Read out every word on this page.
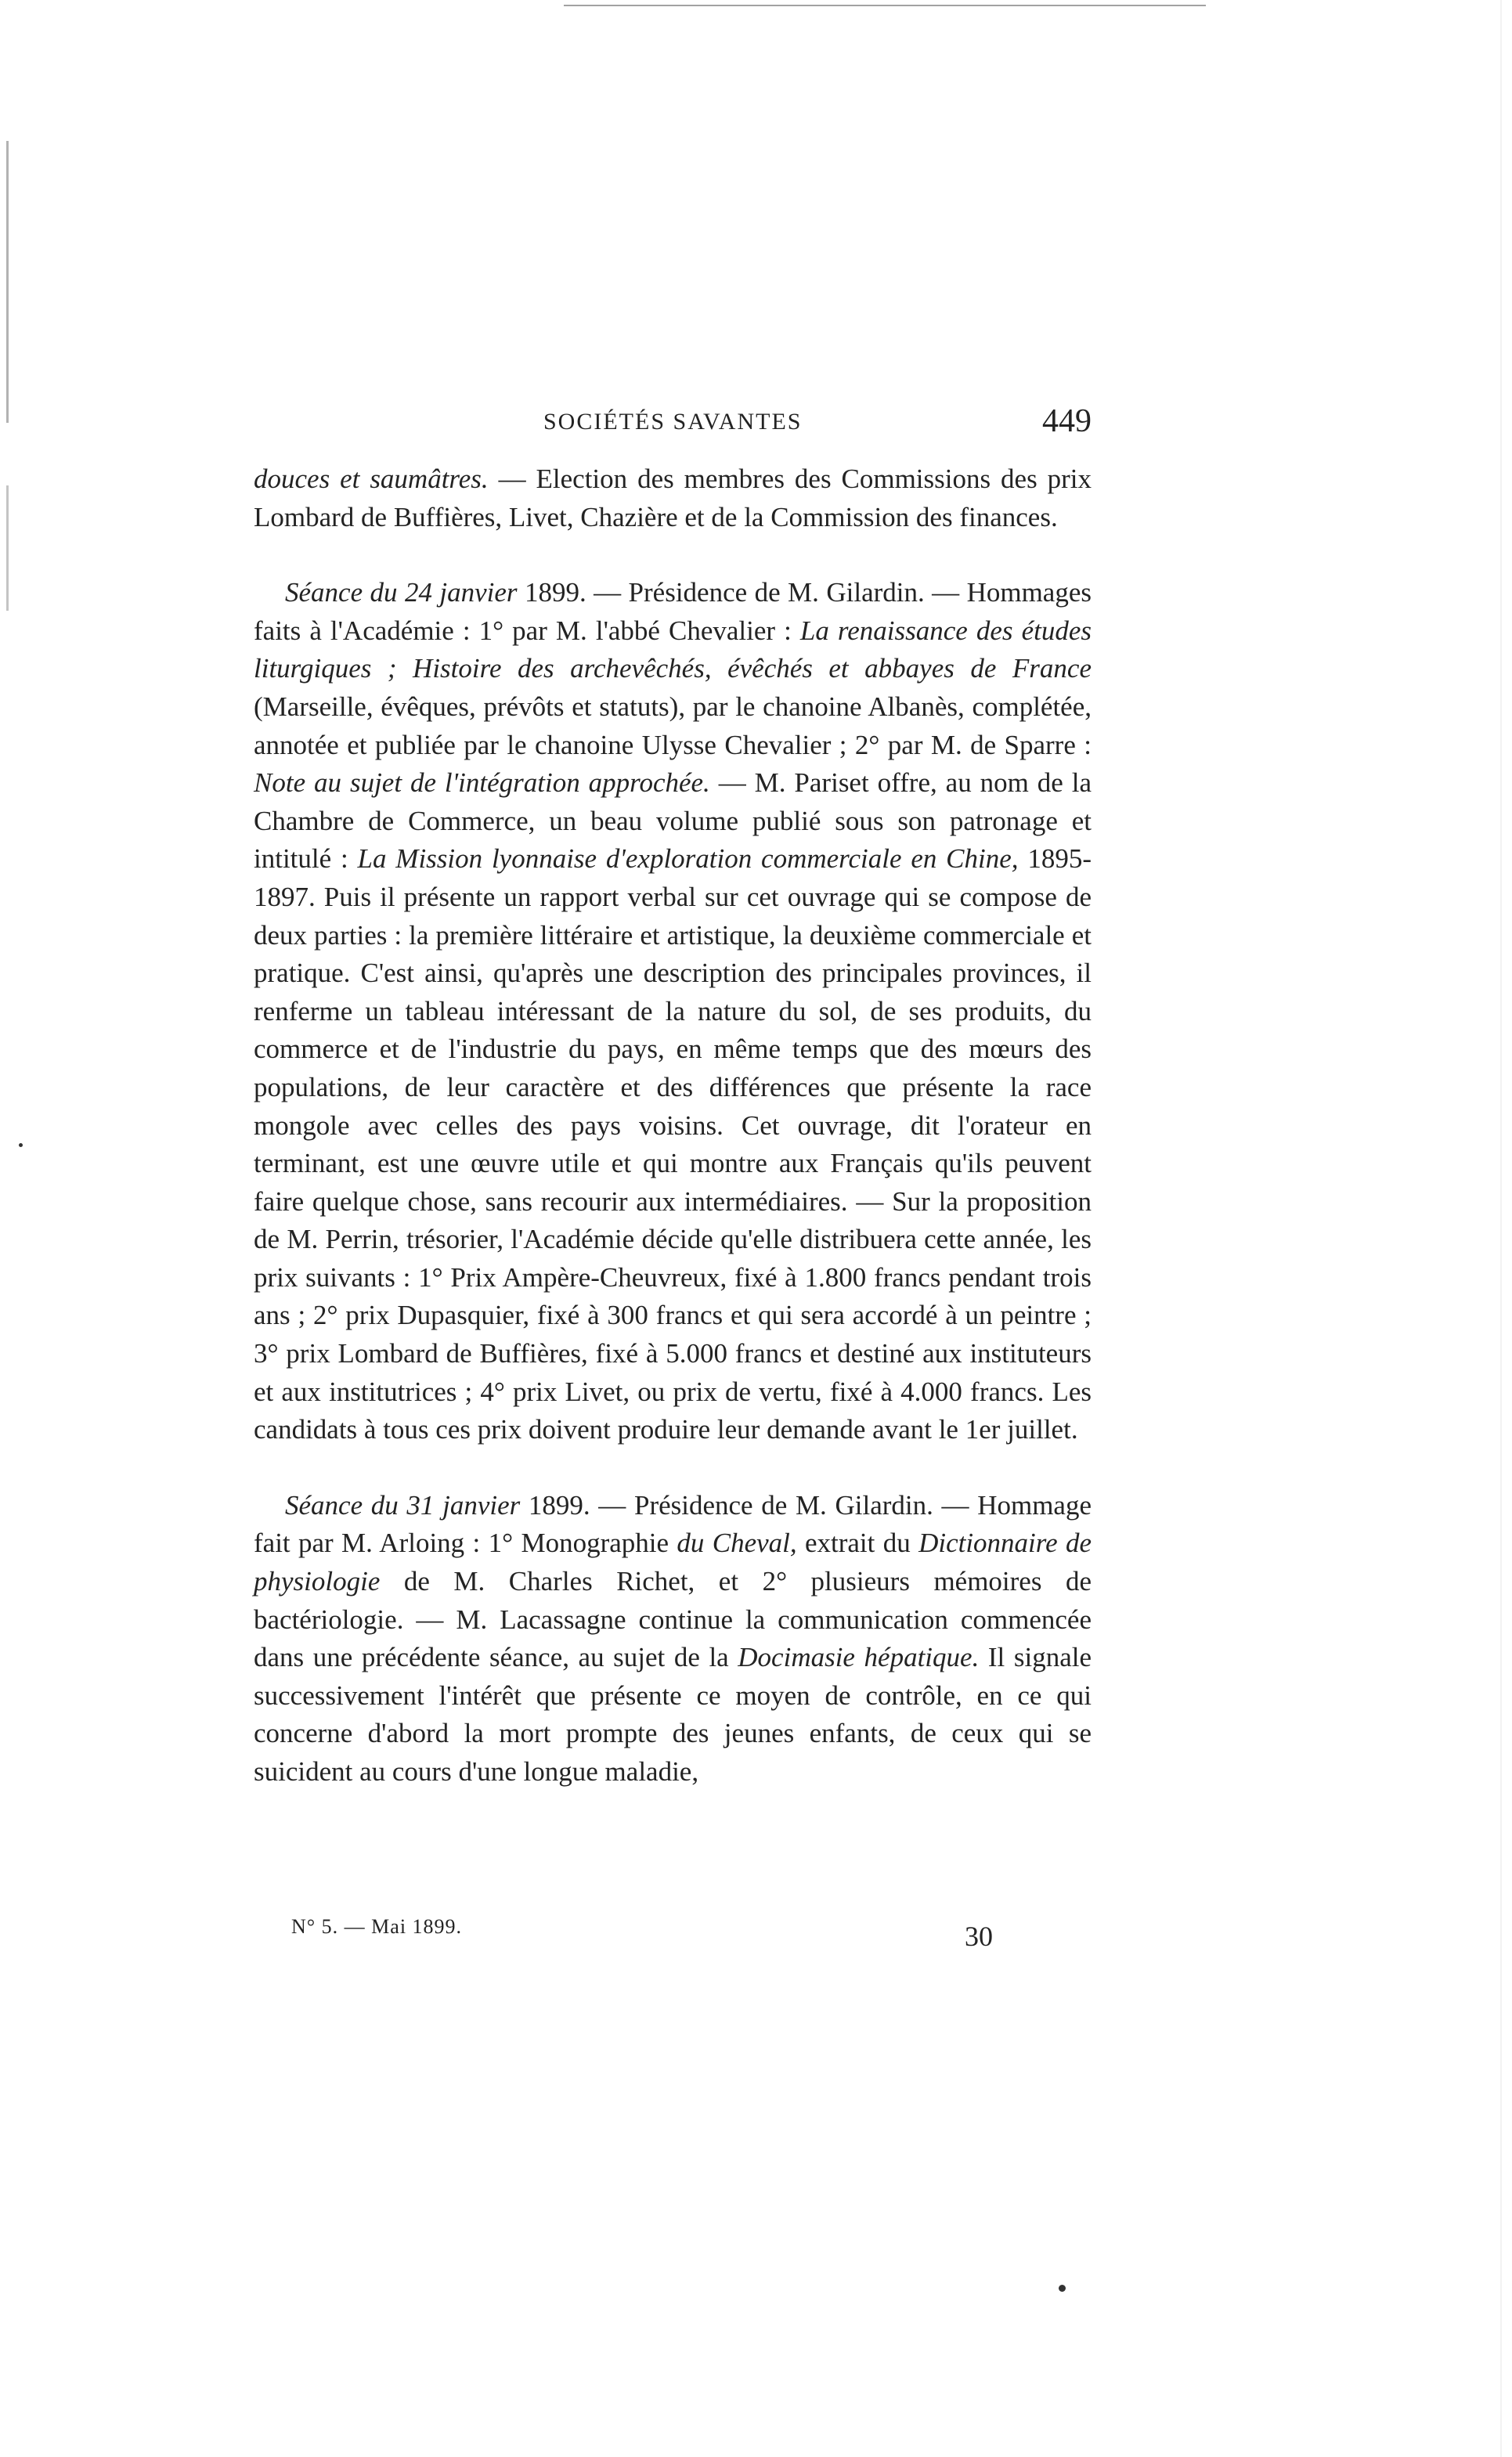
SOCIÉTÉS SAVANTES	449

douces et saumâtres. — Election des membres des Commissions des prix Lombard de Buffières, Livet, Chazière et de la Commission des finances.

Séance du 24 janvier 1899. — Présidence de M. Gilardin. — Hommages faits à l'Académie : 1° par M. l'abbé Chevalier : La renaissance des études liturgiques ; Histoire des archevêchés, évêchés et abbayes de France (Marseille, évêques, prévôts et statuts), par le chanoine Albanès, complétée, annotée et publiée par le chanoine Ulysse Chevalier ; 2° par M. de Sparre : Note au sujet de l'intégration approchée. — M. Pariset offre, au nom de la Chambre de Commerce, un beau volume publié sous son patronage et intitulé : La Mission lyonnaise d'exploration commerciale en Chine, 1895-1897. Puis il présente un rapport verbal sur cet ouvrage qui se compose de deux parties : la première littéraire et artistique, la deuxième commerciale et pratique. C'est ainsi, qu'après une description des principales provinces, il renferme un tableau intéressant de la nature du sol, de ses produits, du commerce et de l'industrie du pays, en même temps que des mœurs des populations, de leur caractère et des différences que présente la race mongole avec celles des pays voisins. Cet ouvrage, dit l'orateur en terminant, est une œuvre utile et qui montre aux Français qu'ils peuvent faire quelque chose, sans recourir aux intermédiaires. — Sur la proposition de M. Perrin, trésorier, l'Académie décide qu'elle distribuera cette année, les prix suivants : 1° Prix Ampère-Cheuvreux, fixé à 1.800 francs pendant trois ans ; 2° prix Dupasquier, fixé à 300 francs et qui sera accordé à un peintre ; 3° prix Lombard de Buffières, fixé à 5.000 francs et destiné aux instituteurs et aux institutrices ; 4° prix Livet, ou prix de vertu, fixé à 4.000 francs. Les candidats à tous ces prix doivent produire leur demande avant le 1er juillet.

Séance du 31 janvier 1899. — Présidence de M. Gilardin. — Hommage fait par M. Arloing : 1° Monographie du Cheval, extrait du Dictionnaire de physiologie de M. Charles Richet, et 2° plusieurs mémoires de bactériologie. — M. Lacassagne continue la communication commencée dans une précédente séance, au sujet de la Docimasie hépatique. Il signale successivement l'intérêt que présente ce moyen de contrôle, en ce qui concerne d'abord la mort prompte des jeunes enfants, de ceux qui se suicident au cours d'une longue maladie,

N° 5. — Mai 1899.	30
